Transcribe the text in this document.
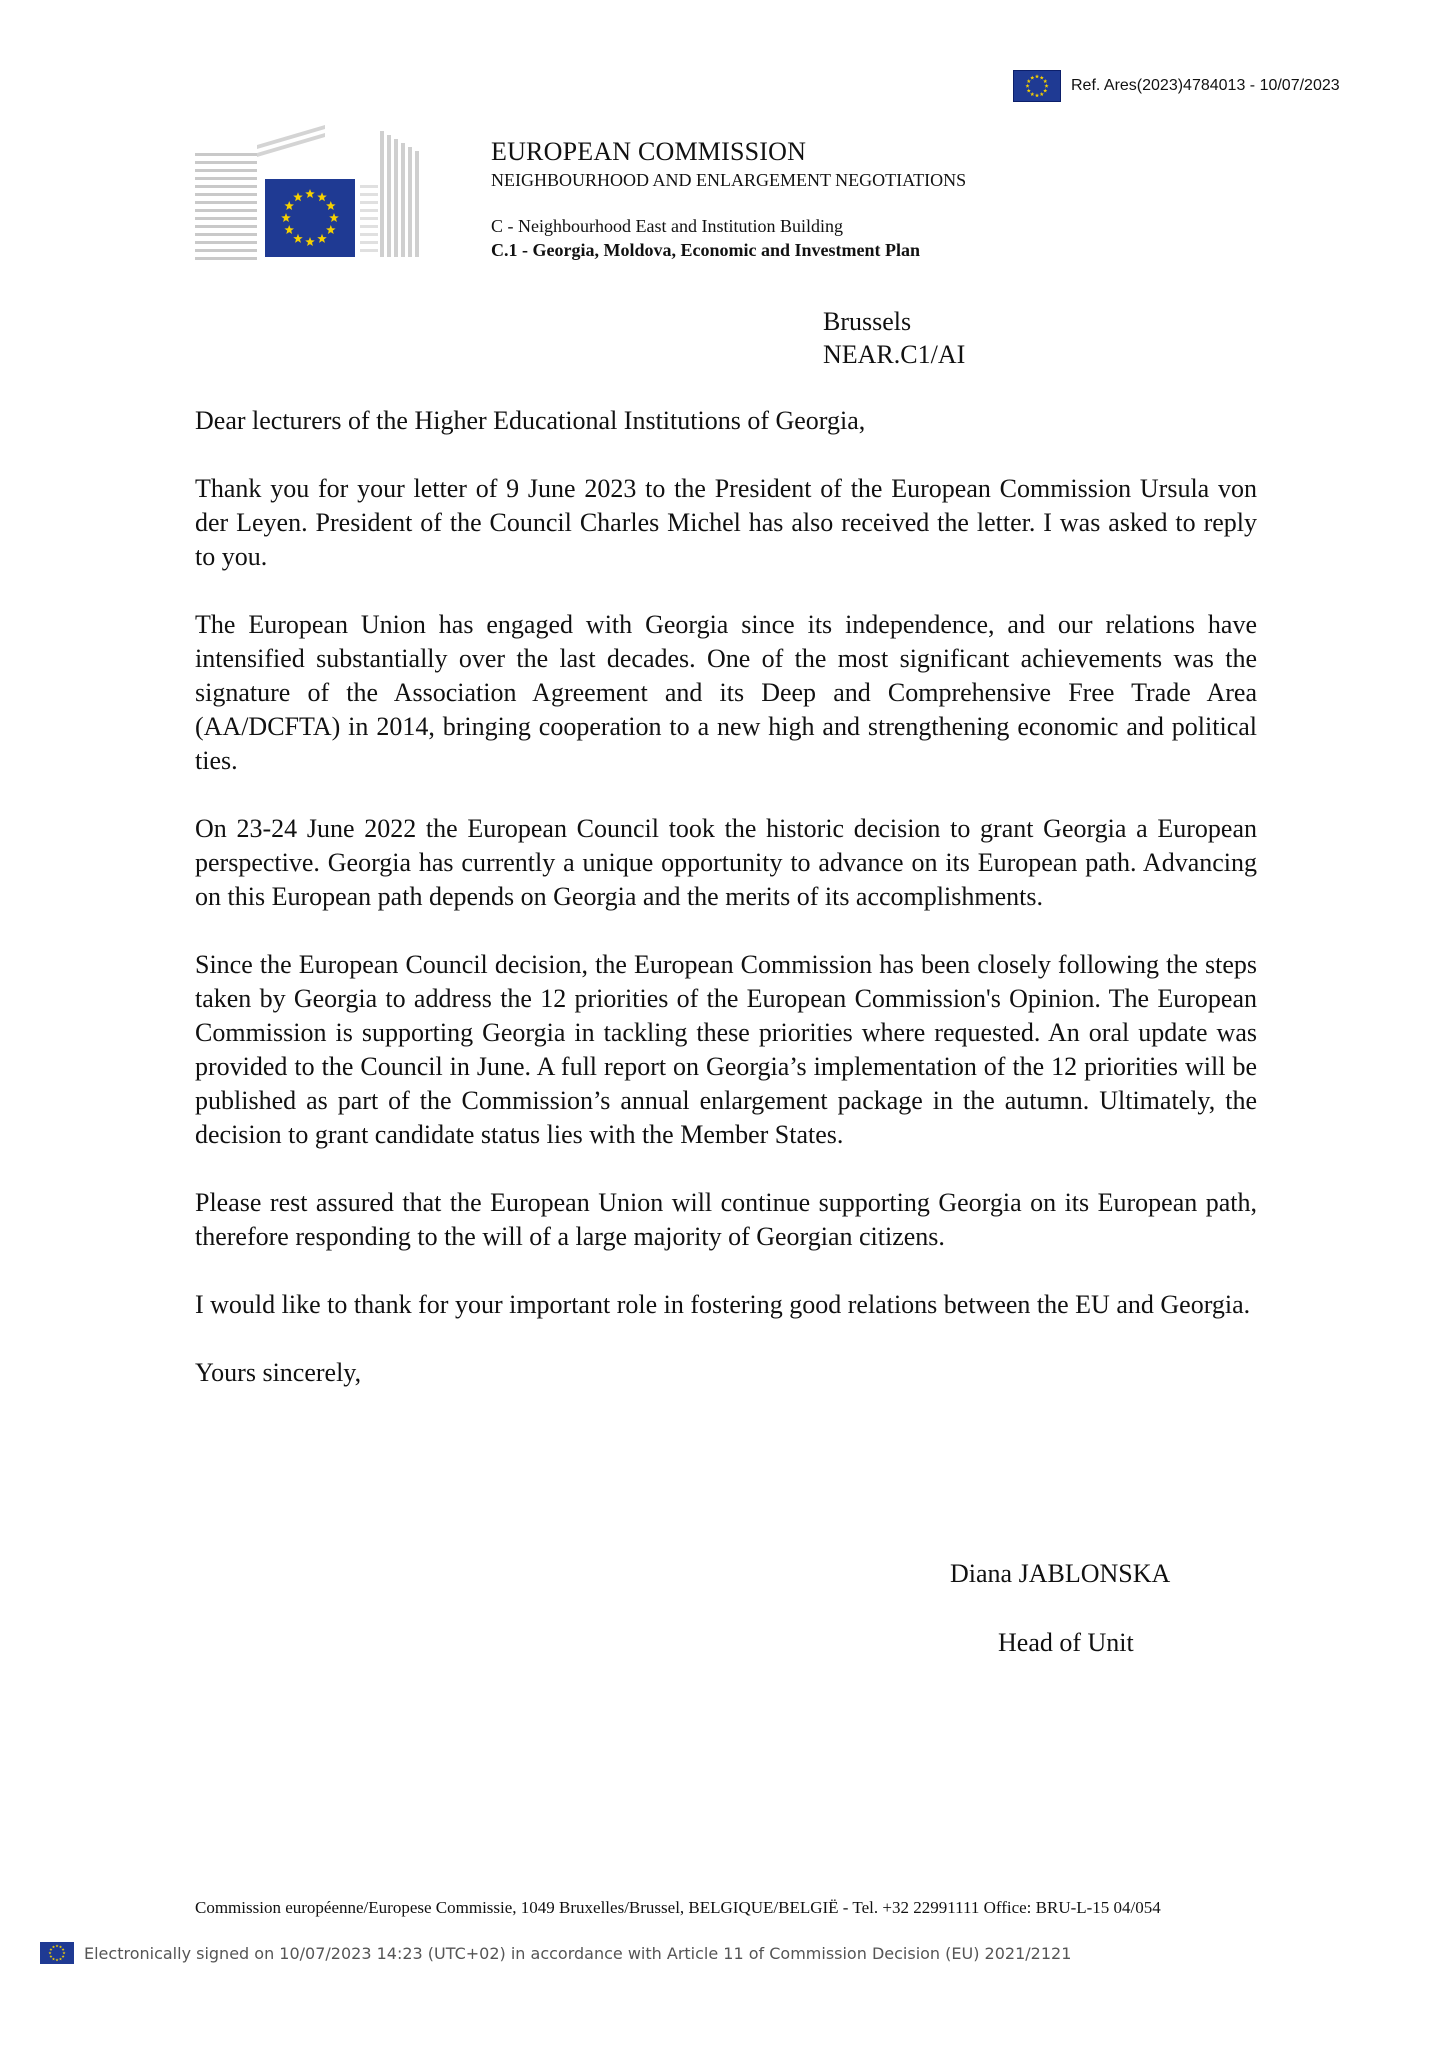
Ref. Ares(2023)4784013 - 10/07/2023
EUROPEAN COMMISSION
NEIGHBOURHOOD AND ENLARGEMENT NEGOTIATIONS
C - Neighbourhood East and Institution Building
C.1 - Georgia, Moldova, Economic and Investment Plan
Brussels
NEAR.C1/AI

Dear lecturers of the Higher Educational Institutions of Georgia,

Thank you for your letter of 9 June 2023 to the President of the European Commission Ursula von der Leyen. President of the Council Charles Michel has also received the letter. I was asked to reply to you.

The European Union has engaged with Georgia since its independence, and our relations have intensified substantially over the last decades. One of the most significant achievements was the signature of the Association Agreement and its Deep and Comprehensive Free Trade Area (AA/DCFTA) in 2014, bringing cooperation to a new high and strengthening economic and political ties.

On 23-24 June 2022 the European Council took the historic decision to grant Georgia a European perspective. Georgia has currently a unique opportunity to advance on its European path. Advancing on this European path depends on Georgia and the merits of its accomplishments.

Since the European Council decision, the European Commission has been closely following the steps taken by Georgia to address the 12 priorities of the European Commission's Opinion. The European Commission is supporting Georgia in tackling these priorities where requested. An oral update was provided to the Council in June. A full report on Georgia’s implementation of the 12 priorities will be published as part of the Commission’s annual enlargement package in the autumn. Ultimately, the decision to grant candidate status lies with the Member States.

Please rest assured that the European Union will continue supporting Georgia on its European path, therefore responding to the will of a large majority of Georgian citizens.

I would like to thank for your important role in fostering good relations between the EU and Georgia.

Yours sincerely,

Diana JABLONSKA
Head of Unit
Commission européenne/Europese Commissie, 1049 Bruxelles/Brussel, BELGIQUE/BELGIË - Tel. +32 22991111 Office: BRU-L-15 04/054
Electronically signed on 10/07/2023 14:23 (UTC+02) in accordance with Article 11 of Commission Decision (EU) 2021/2121
